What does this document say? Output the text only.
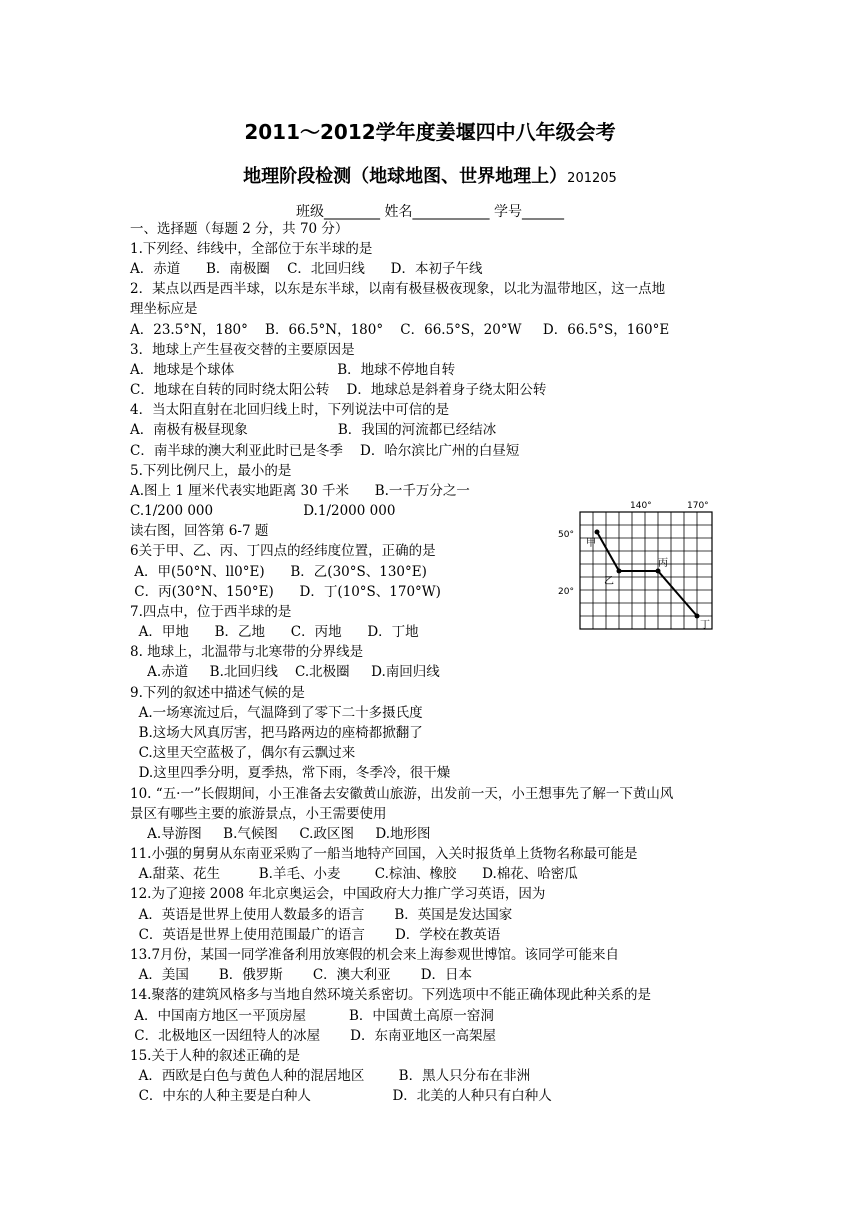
2011～2012学年度姜堰四中八年级会考
地理阶段检测（地球地图、世界地理上）201205
班级________ 姓名___________ 学号______
一、选择题（每题 2 分，共 70 分）
1.下列经、纬线中，全部位于东半球的是
A．赤道      B．南极圈    C．北回归线      D．本初子午线
2．某点以西是西半球，以东是东半球，以南有极昼极夜现象，以北为温带地区，这一点地
理坐标应是
A．23.5°N，180°    B．66.5°N，180°    C．66.5°S，20°W     D．66.5°S，160°E
3．地球上产生昼夜交替的主要原因是
A．地球是个球体                        B．地球不停地自转
C．地球在自转的同时绕太阳公转    D．地球总是斜着身子绕太阳公转
4．当太阳直射在北回归线上时，下列说法中可信的是
A．南极有极昼现象                     B．我国的河流都已经结冰
C．南半球的澳大利亚此时已是冬季    D．哈尔滨比广州的白昼短
5.下列比例尺上，最小的是
A.图上 1 厘米代表实地距离 30 千米      B.一千万分之一
C.1/200 000                     D.1/2000 000
读右图，回答第 6-7 题
6关于甲、乙、丙、丁四点的经纬度位置，正确的是
A．甲(50°N、ll0°E)      B．乙(30°S、130°E)
C．丙(30°N、150°E)      D．丁(10°S、170°W)
7.四点中，位于西半球的是
A．甲地      B．乙地      C．丙地      D．丁地
8. 地球上，北温带与北寒带的分界线是
A.赤道     B.北回归线    C.北极圈     D.南回归线
9.下列的叙述中描述气候的是
A.一场寒流过后，气温降到了零下二十多摄氏度
B.这场大风真厉害，把马路两边的座椅都掀翻了
C.这里天空蓝极了，偶尔有云飘过来
D.这里四季分明，夏季热，常下雨，冬季冷，很干燥
10. “五·一”长假期间，小王准备去安徽黄山旅游，出发前一天，小王想事先了解一下黄山风
景区有哪些主要的旅游景点，小王需要使用
A.导游图     B.气候图     C.政区图     D.地形图
11.小强的舅舅从东南亚采购了一船当地特产回国，入关时报货单上货物名称最可能是
A.甜菜、花生         B.羊毛、小麦        C.棕油、橡胶      D.棉花、哈密瓜
12.为了迎接 2008 年北京奥运会，中国政府大力推广学习英语，因为
A．英语是世界上使用人数最多的语言       B．英国是发达国家
C．英语是世界上使用范围最广的语言       D．学校在教英语
13.7月份，某国一同学准备利用放寒假的机会来上海参观世博馆。该同学可能来自
A．美国       B．俄罗斯       C．澳大利亚       D．日本
14.聚落的建筑风格多与当地自然环境关系密切。下列选项中不能正确体现此种关系的是
A．中国南方地区一平顶房屋          B．中国黄土高原一窑洞
C．北极地区一因纽特人的冰屋       D．东南亚地区一高架屋
15.关于人种的叙述正确的是
A．西欧是白色与黄色人种的混居地区        B．黑人只分布在非洲
C．中东的人种主要是白种人                   D．北美的人种只有白种人
140°	170°
50°
20°
甲
乙
丙
丁
